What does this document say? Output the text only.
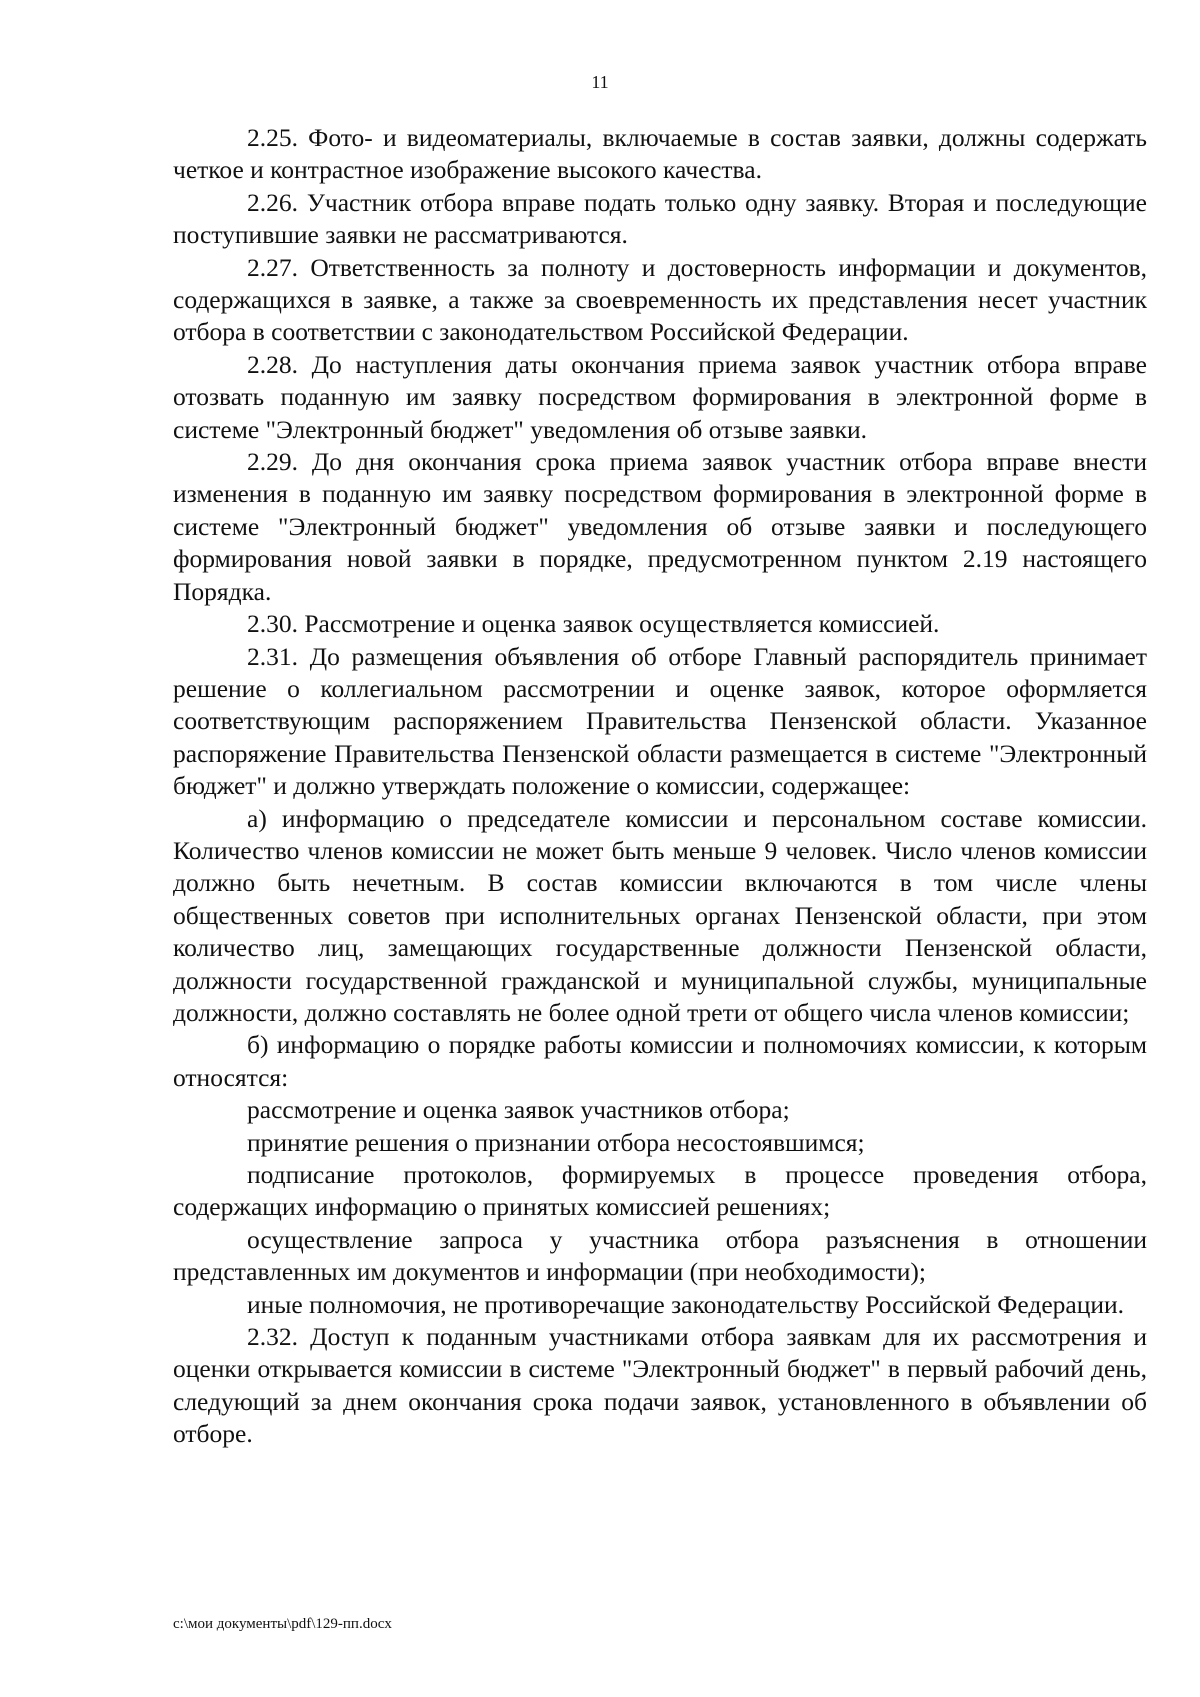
11

2.25. Фото- и видеоматериалы, включаемые в состав заявки, должны содержать четкое и контрастное изображение высокого качества.

2.26. Участник отбора вправе подать только одну заявку. Вторая и последующие поступившие заявки не рассматриваются.

2.27. Ответственность за полноту и достоверность информации и документов, содержащихся в заявке, а также за своевременность их представления несет участник отбора в соответствии с законодательством Российской Федерации.

2.28. До наступления даты окончания приема заявок участник отбора вправе отозвать поданную им заявку посредством формирования в электронной форме в системе "Электронный бюджет" уведомления об отзыве заявки.

2.29. До дня окончания срока приема заявок участник отбора вправе внести изменения в поданную им заявку посредством формирования в электронной форме в системе "Электронный бюджет" уведомления об отзыве заявки и последующего формирования новой заявки в порядке, предусмотренном пунктом 2.19 настоящего Порядка.

2.30. Рассмотрение и оценка заявок осуществляется комиссией.

2.31. До размещения объявления об отборе Главный распорядитель принимает решение о коллегиальном рассмотрении и оценке заявок, которое оформляется соответствующим распоряжением Правительства Пензенской области. Указанное распоряжение Правительства Пензенской области размещается в системе "Электронный бюджет" и должно утверждать положение о комиссии, содержащее:

а) информацию о председателе комиссии и персональном составе комиссии. Количество членов комиссии не может быть меньше 9 человек. Число членов комиссии должно быть нечетным. В состав комиссии включаются в том числе члены общественных советов при исполнительных органах Пензенской области, при этом количество лиц, замещающих государственные должности Пензенской области, должности государственной гражданской и муниципальной службы, муниципальные должности, должно составлять не более одной трети от общего числа членов комиссии;

б) информацию о порядке работы комиссии и полномочиях комиссии, к которым относятся:

рассмотрение и оценка заявок участников отбора;

принятие решения о признании отбора несостоявшимся;

подписание протоколов, формируемых в процессе проведения отбора, содержащих информацию о принятых комиссией решениях;

осуществление запроса у участника отбора разъяснения в отношении представленных им документов и информации (при необходимости);

иные полномочия, не противоречащие законодательству Российской Федерации.

2.32. Доступ к поданным участниками отбора заявкам для их рассмотрения и оценки открывается комиссии в системе "Электронный бюджет" в первый рабочий день, следующий за днем окончания срока подачи заявок, установленного в объявлении об отборе.

c:\мои документы\pdf\129-пп.docx
